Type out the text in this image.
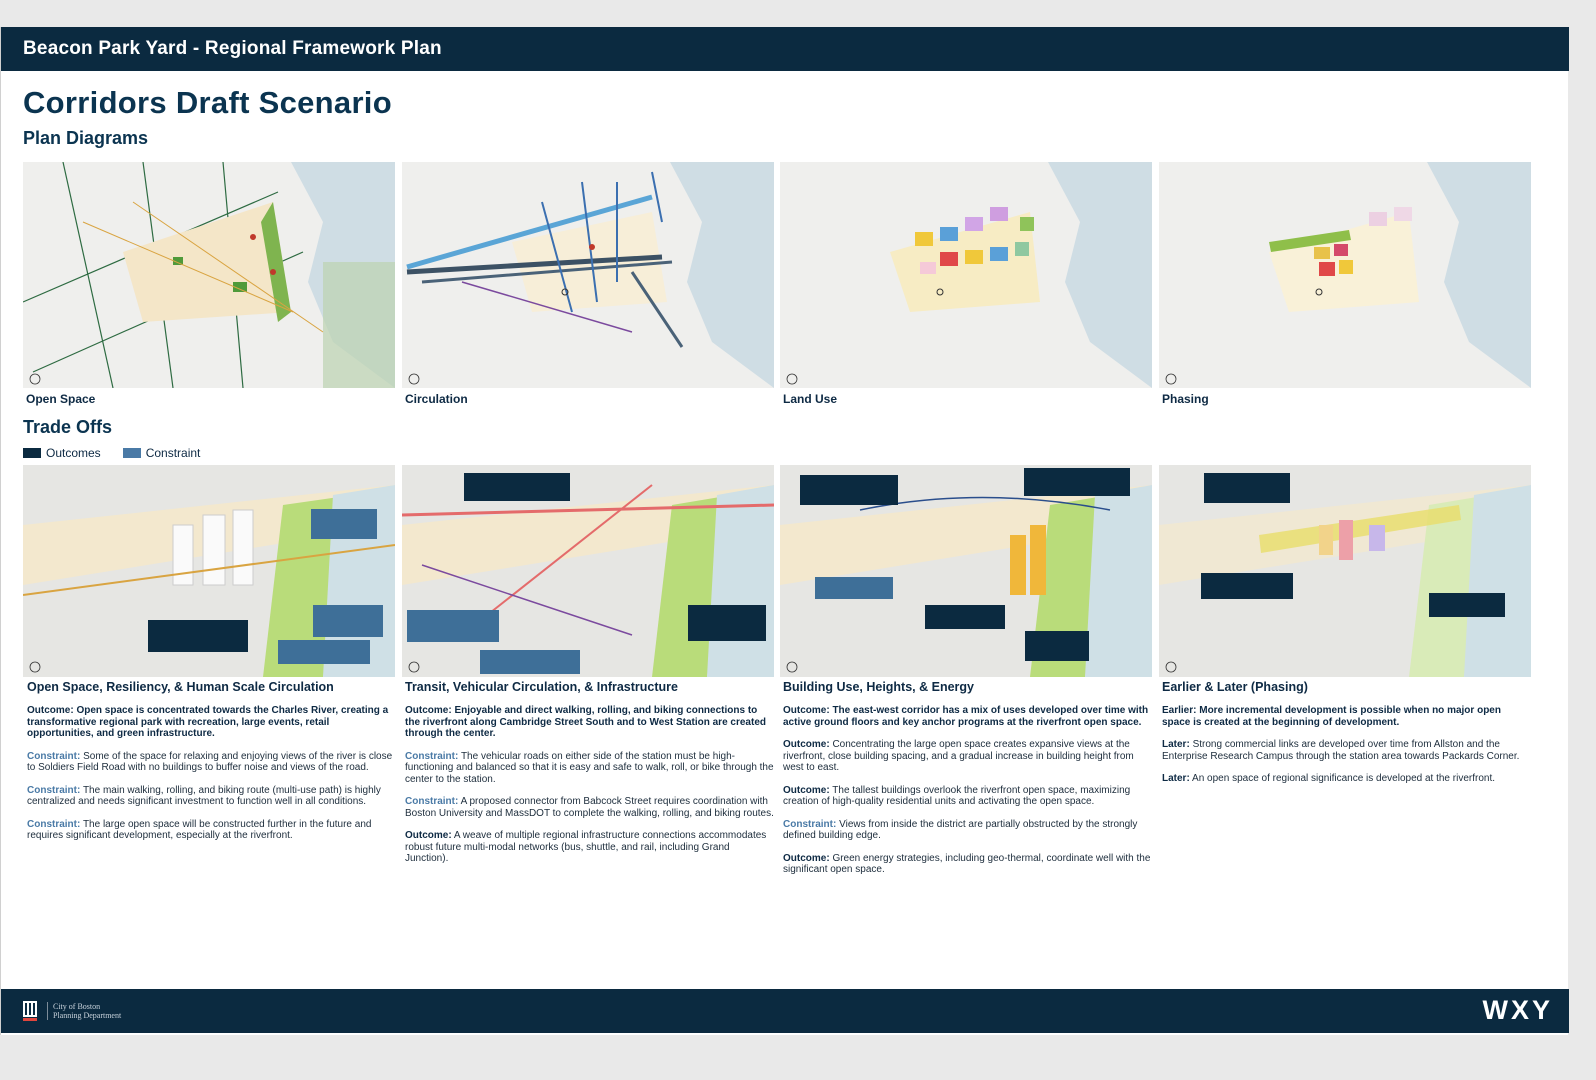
Beacon Park Yard - Regional Framework Plan
Corridors Draft Scenario
Plan Diagrams
Open Space	Circulation	Land Use	Phasing
Trade Offs
Outcomes	Constraint
Open Space, Resiliency, & Human Scale Circulation

Outcome: Open space is concentrated towards the Charles River, creating a transformative regional park with recreation, large events, retail opportunities, and green infrastructure.

Constraint: Some of the space for relaxing and enjoying views of the river is close to Soldiers Field Road with no buildings to buffer noise and views of the road.

Constraint: The main walking, rolling, and biking route (multi-use path) is highly centralized and needs significant investment to function well in all conditions.

Constraint: The large open space will be constructed further in the future and requires significant development, especially at the riverfront.

Transit, Vehicular Circulation, & Infrastructure

Outcome: Enjoyable and direct walking, rolling, and biking connections to the riverfront along Cambridge Street South and to West Station are created through the center.

Constraint: The vehicular roads on either side of the station must be high-functioning and balanced so that it is easy and safe to walk, roll, or bike through the center to the station.

Constraint: A proposed connector from Babcock Street requires coordination with Boston University and MassDOT to complete the walking, rolling, and biking routes.

Outcome: A weave of multiple regional infrastructure connections accommodates robust future multi-modal networks (bus, shuttle, and rail, including Grand Junction).

Building Use, Heights, & Energy

Outcome: The east-west corridor has a mix of uses developed over time with active ground floors and key anchor programs at the riverfront open space.

Outcome: Concentrating the large open space creates expansive views at the riverfront, close building spacing, and a gradual increase in building height from west to east.

Outcome: The tallest buildings overlook the riverfront open space, maximizing creation of high-quality residential units and activating the open space.

Constraint: Views from inside the district are partially obstructed by the strongly defined building edge.

Outcome: Green energy strategies, including geo-thermal, coordinate well with the significant open space.

Earlier & Later (Phasing)

Earlier: More incremental development is possible when no major open space is created at the beginning of development.

Later: Strong commercial links are developed over time from Allston and the Enterprise Research Campus through the station area towards Packards Corner.

Later: An open space of regional significance is developed at the riverfront.

City of Boston
Planning Department	WXY
